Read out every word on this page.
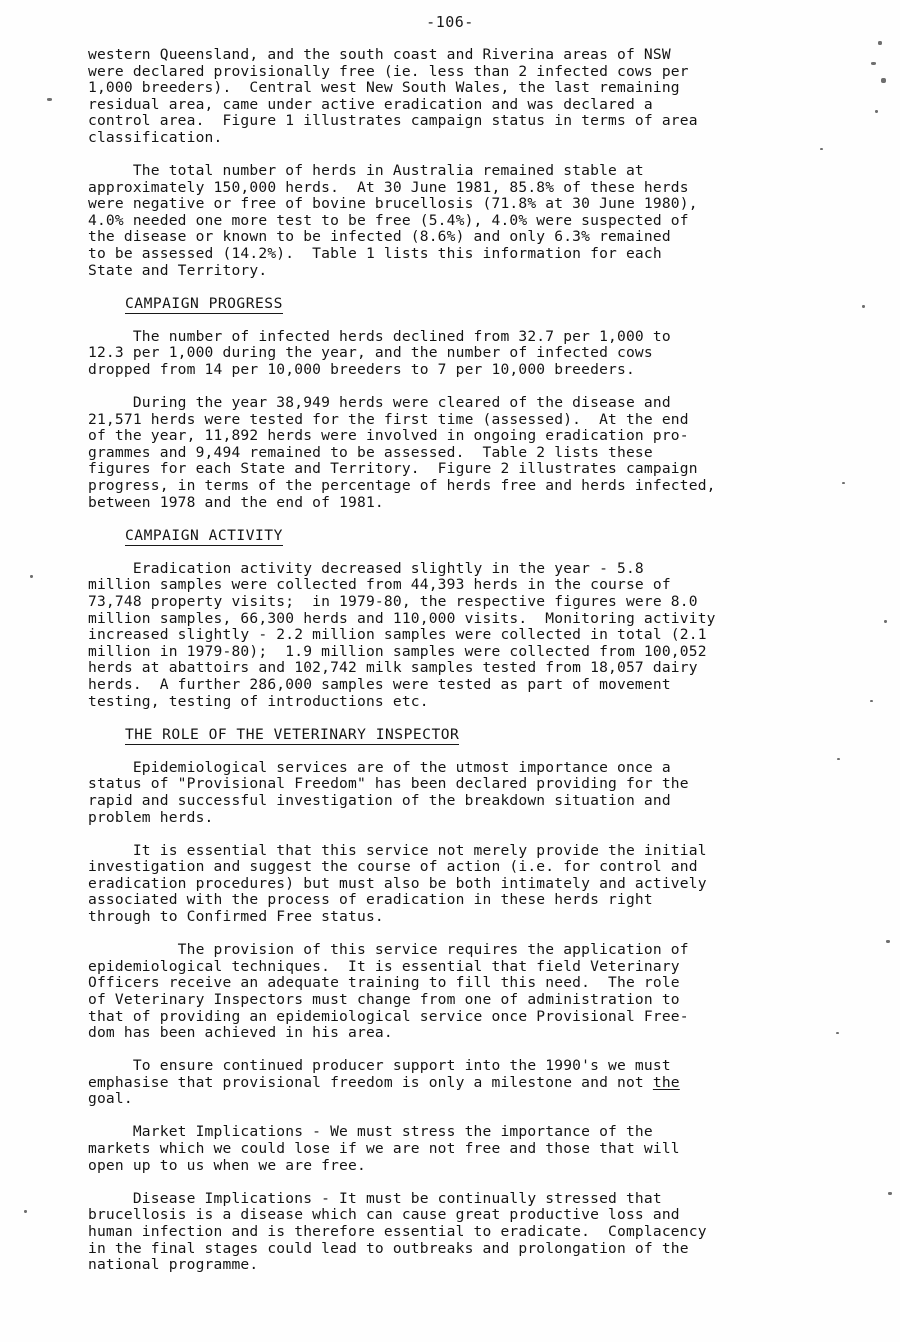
-106-
western Queensland, and the south coast and Riverina areas of NSW
were declared provisionally free (ie. less than 2 infected cows per
1,000 breeders).  Central west New South Wales, the last remaining
residual area, came under active eradication and was declared a
control area.  Figure 1 illustrates campaign status in terms of area
classification.
The total number of herds in Australia remained stable at
approximately 150,000 herds.  At 30 June 1981, 85.8% of these herds
were negative or free of bovine brucellosis (71.8% at 30 June 1980),
4.0% needed one more test to be free (5.4%), 4.0% were suspected of
the disease or known to be infected (8.6%) and only 6.3% remained
to be assessed (14.2%).  Table 1 lists this information for each
State and Territory.
CAMPAIGN PROGRESS
The number of infected herds declined from 32.7 per 1,000 to
12.3 per 1,000 during the year, and the number of infected cows
dropped from 14 per 10,000 breeders to 7 per 10,000 breeders.
During the year 38,949 herds were cleared of the disease and
21,571 herds were tested for the first time (assessed).  At the end
of the year, 11,892 herds were involved in ongoing eradication pro-
grammes and 9,494 remained to be assessed.  Table 2 lists these
figures for each State and Territory.  Figure 2 illustrates campaign
progress, in terms of the percentage of herds free and herds infected,
between 1978 and the end of 1981.
CAMPAIGN ACTIVITY
Eradication activity decreased slightly in the year - 5.8
million samples were collected from 44,393 herds in the course of
73,748 property visits;  in 1979-80, the respective figures were 8.0
million samples, 66,300 herds and 110,000 visits.  Monitoring activity
increased slightly - 2.2 million samples were collected in total (2.1
million in 1979-80);  1.9 million samples were collected from 100,052
herds at abattoirs and 102,742 milk samples tested from 18,057 dairy
herds.  A further 286,000 samples were tested as part of movement
testing, testing of introductions etc.
THE ROLE OF THE VETERINARY INSPECTOR
Epidemiological services are of the utmost importance once a
status of "Provisional Freedom" has been declared providing for the
rapid and successful investigation of the breakdown situation and
problem herds.
It is essential that this service not merely provide the initial
investigation and suggest the course of action (i.e. for control and
eradication procedures) but must also be both intimately and actively
associated with the process of eradication in these herds right
through to Confirmed Free status.
The provision of this service requires the application of
epidemiological techniques.  It is essential that field Veterinary
Officers receive an adequate training to fill this need.  The role
of Veterinary Inspectors must change from one of administration to
that of providing an epidemiological service once Provisional Free-
dom has been achieved in his area.
To ensure continued producer support into the 1990's we must
emphasise that provisional freedom is only a milestone and not the
goal.
Market Implications - We must stress the importance of the
markets which we could lose if we are not free and those that will
open up to us when we are free.
Disease Implications - It must be continually stressed that
brucellosis is a disease which can cause great productive loss and
human infection and is therefore essential to eradicate.  Complacency
in the final stages could lead to outbreaks and prolongation of the
national programme.
